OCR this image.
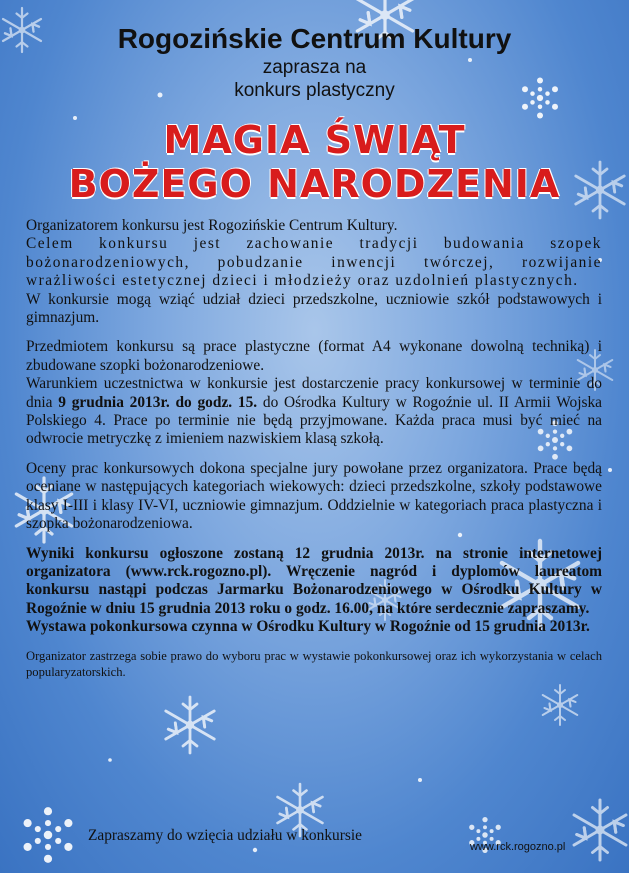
Rogozińskie Centrum Kultury
zaprasza na
konkurs plastyczny
MAGIA ŚWIĄT
BOŻEGO NARODZENIA

Organizatorem konkursu jest Rogozińskie Centrum Kultury.

Celem konkursu jest zachowanie tradycji budowania szopek bożonarodzeniowych, pobudzanie inwencji twórczej, rozwijanie wrażliwości estetycznej dzieci i młodzieży oraz uzdolnień plastycznych.

W konkursie mogą wziąć udział dzieci przedszkolne, uczniowie szkół podstawowych i gimnazjum.

Przedmiotem konkursu są prace plastyczne (format A4 wykonane dowolną techniką) i zbudowane szopki bożonarodzeniowe.

Warunkiem uczestnictwa w konkursie jest dostarczenie pracy konkursowej w terminie do dnia 9 grudnia 2013r. do godz. 15. do Ośrodka Kultury w Rogoźnie ul. II Armii Wojska Polskiego 4. Prace po terminie nie będą przyjmowane. Każda praca musi być mieć na odwrocie metryczkę z imieniem nazwiskiem klasą szkołą.

Oceny prac konkursowych dokona specjalne jury powołane przez organizatora. Prace będą oceniane w następujących kategoriach wiekowych: dzieci przedszkolne, szkoły podstawowe klasy I-III i klasy IV-VI, uczniowie gimnazjum. Oddzielnie w kategoriach praca plastyczna i szopka bożonarodzeniowa.

Wyniki konkursu ogłoszone zostaną 12 grudnia 2013r. na stronie internetowej organizatora (www.rck.rogozno.pl). Wręczenie nagród i dyplomów laureatom konkursu nastąpi podczas Jarmarku Bożonarodzeniowego w Ośrodku Kultury w Rogoźnie w dniu 15 grudnia 2013 roku o godz. 16.00, na które serdecznie zapraszamy.

Wystawa pokonkursowa czynna w Ośrodku Kultury w Rogoźnie od 15 grudnia 2013r.

Organizator zastrzega sobie prawo do wyboru prac w wystawie pokonkursowej oraz ich wykorzystania w celach popularyzatorskich.

Zapraszamy do wzięcia udziału w konkursie
www.rck.rogozno.pl
